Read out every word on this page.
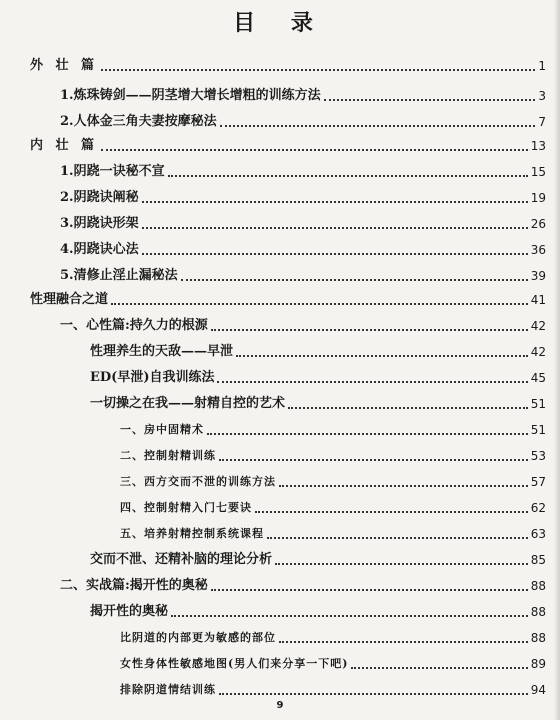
目 录
外 壮 篇	1
1.炼珠铸剑——阴茎增大增长增粗的训练方法	3
2.人体金三角夫妻按摩秘法	7
内 壮 篇	13
1.阴跷一诀秘不宣	15
2.阴跷诀阐秘	19
3.阴跷诀形架	26
4.阴跷诀心法	36
5.清修止淫止漏秘法	39
性理融合之道	41
一、心性篇:持久力的根源	42
性理养生的天敌——早泄	42
ED(早泄)自我训练法	45
一切操之在我——射精自控的艺术	51
一、房中固精术	51
二、控制射精训练	53
三、西方交而不泄的训练方法	57
四、控制射精入门七要诀	62
五、培养射精控制系统课程	63
交而不泄、还精补脑的理论分析	85
二、实战篇:揭开性的奥秘	88
揭开性的奥秘	88
比阴道的内部更为敏感的部位	88
女性身体性敏感地图(男人们来分享一下吧)	89
排除阴道情结训练	94
9
